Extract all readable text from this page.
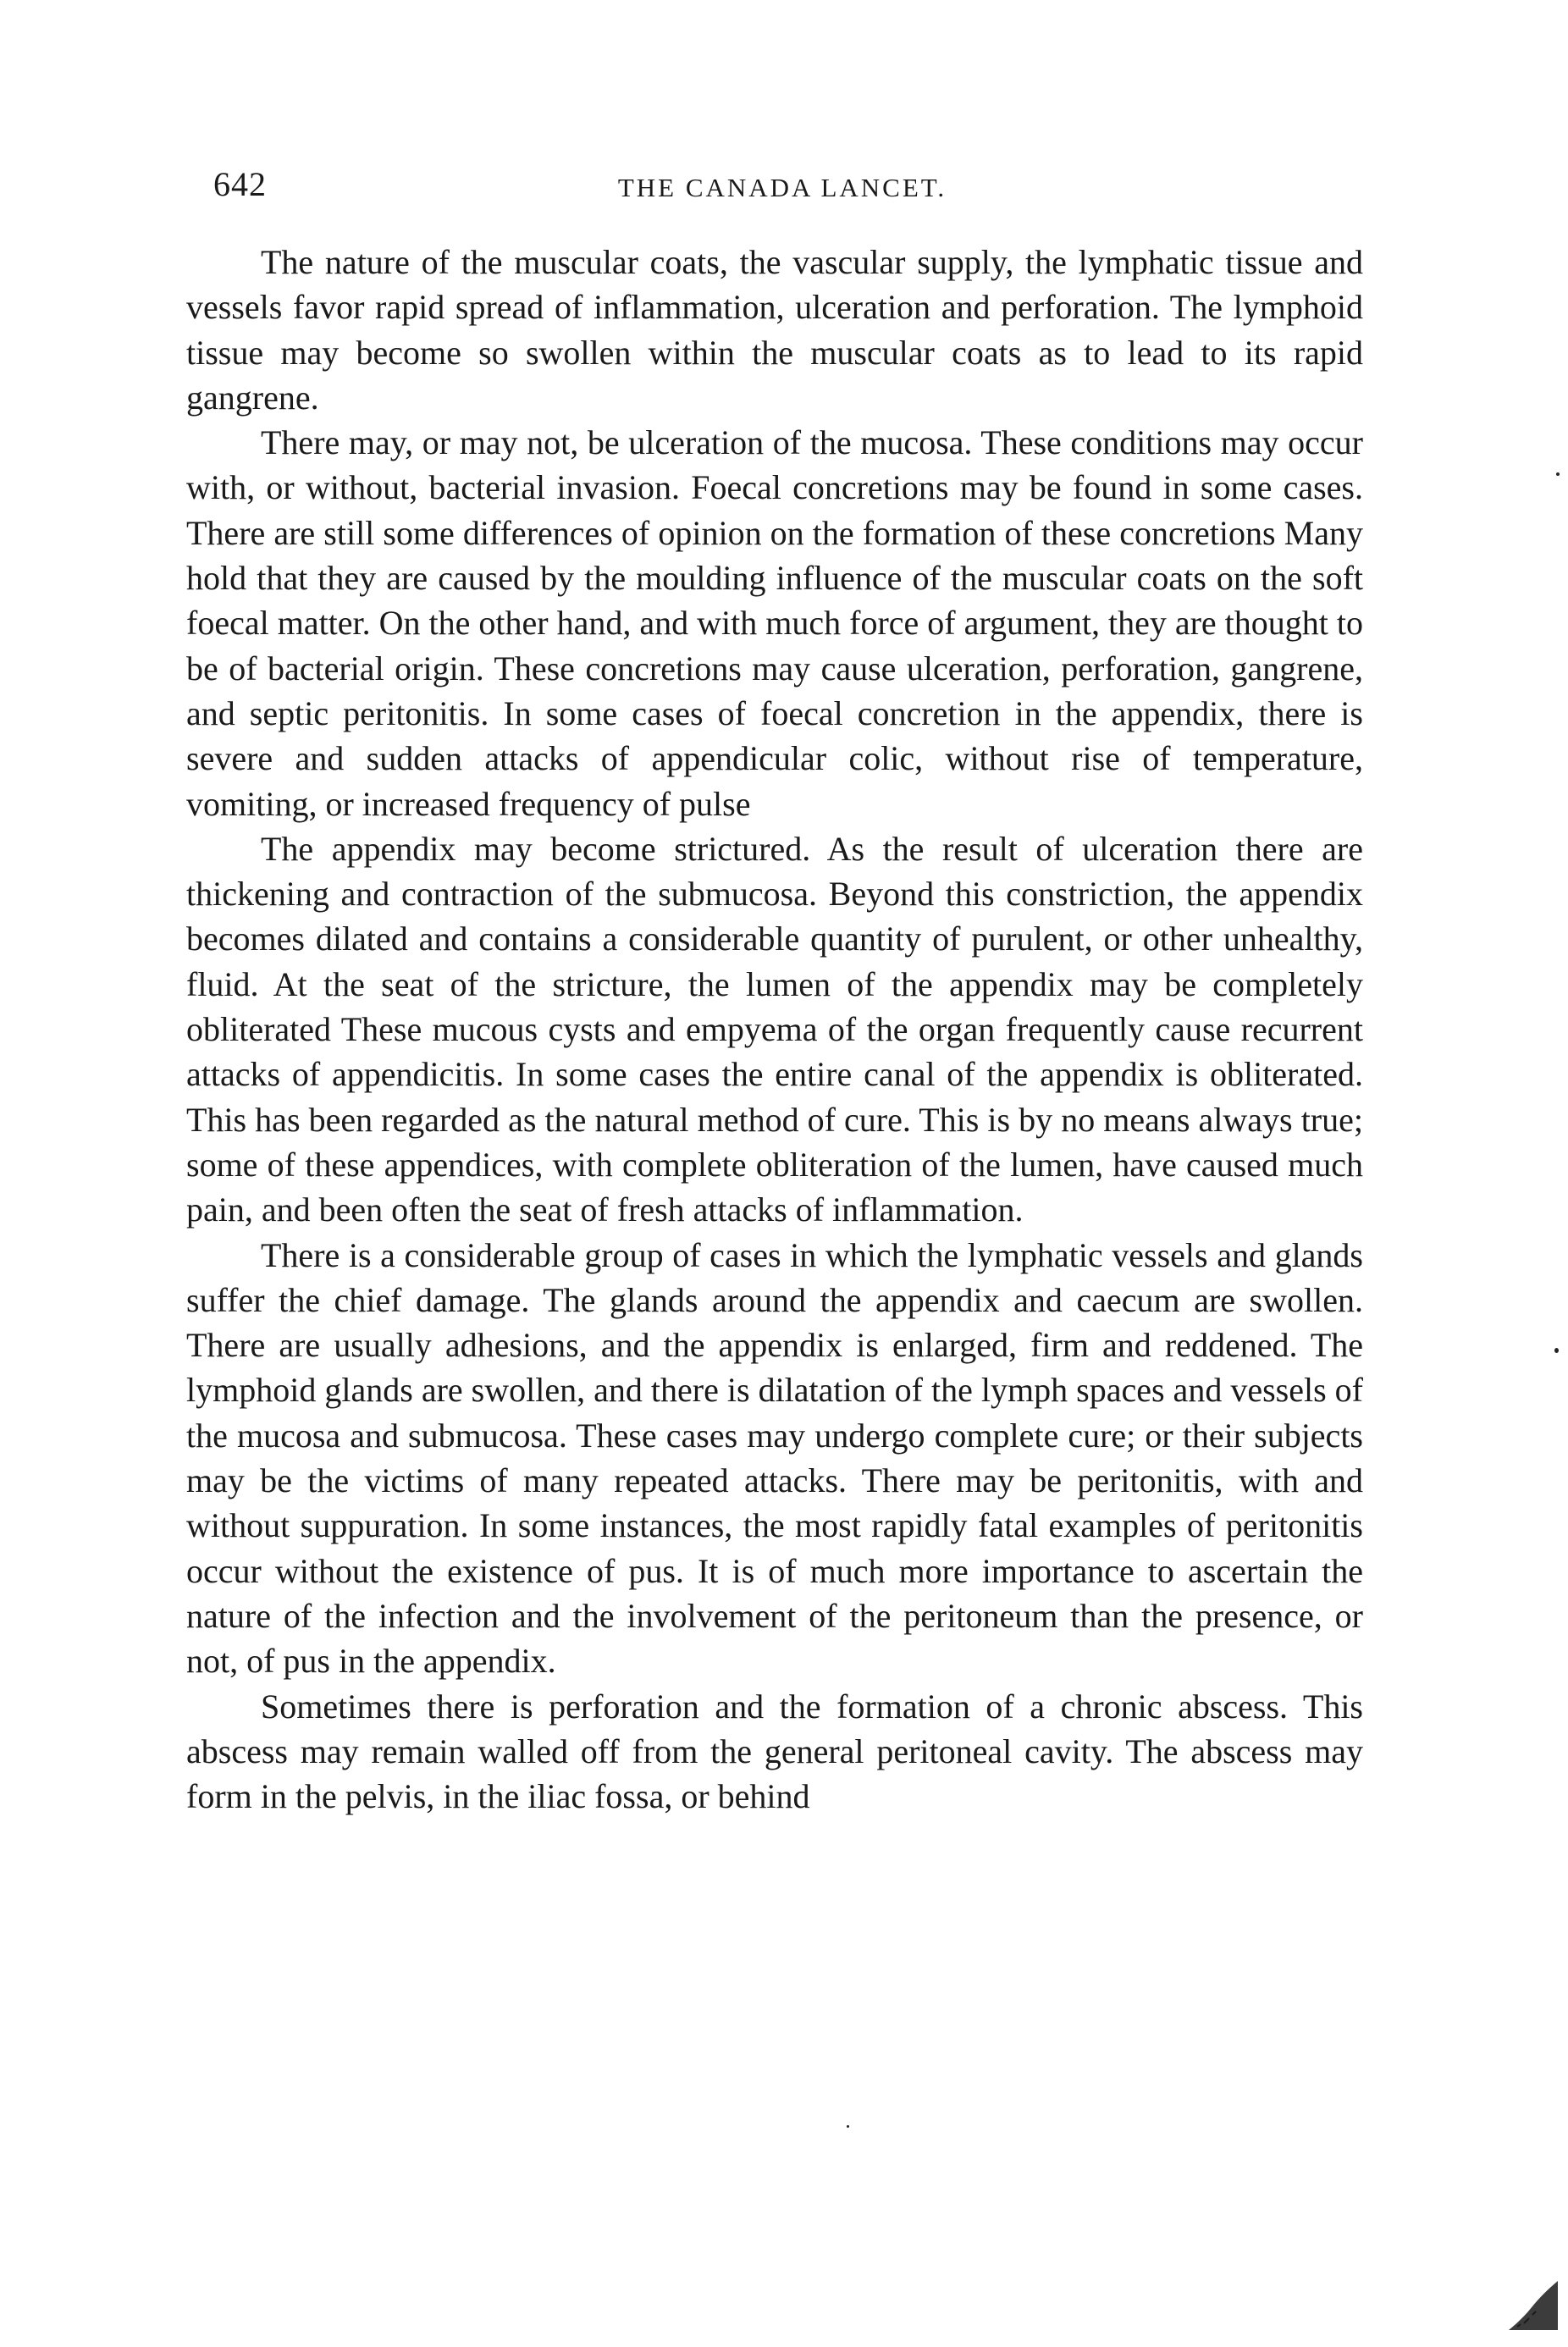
642	THE CANADA LANCET.

The nature of the muscular coats, the vascular supply, the lymphatic tissue and vessels favor rapid spread of inflammation, ulceration and perforation. The lymphoid tissue may become so swollen within the muscular coats as to lead to its rapid gangrene.

There may, or may not, be ulceration of the mucosa. These conditions may occur with, or without, bacterial invasion. Foecal concretions may be found in some cases. There are still some differences of opinion on the formation of these concretions Many hold that they are caused by the moulding influence of the muscular coats on the soft foecal matter. On the other hand, and with much force of argument, they are thought to be of bacterial origin. These concretions may cause ulceration, perforation, gangrene, and septic peritonitis. In some cases of foecal concretion in the appendix, there is severe and sudden attacks of appendicular colic, without rise of temperature, vomiting, or increased frequency of pulse

The appendix may become strictured. As the result of ulceration there are thickening and contraction of the submucosa. Beyond this constriction, the appendix becomes dilated and contains a considerable quantity of purulent, or other unhealthy, fluid. At the seat of the stricture, the lumen of the appendix may be completely obliterated These mucous cysts and empyema of the organ frequently cause recurrent attacks of appendicitis. In some cases the entire canal of the appendix is obliterated. This has been regarded as the natural method of cure. This is by no means always true; some of these appendices, with complete obliteration of the lumen, have caused much pain, and been often the seat of fresh attacks of inflammation.

There is a considerable group of cases in which the lymphatic vessels and glands suffer the chief damage. The glands around the appendix and caecum are swollen. There are usually adhesions, and the appendix is enlarged, firm and reddened. The lymphoid glands are swollen, and there is dilatation of the lymph spaces and vessels of the mucosa and submucosa. These cases may undergo complete cure; or their subjects may be the victims of many repeated attacks. There may be peritonitis, with and without suppuration. In some instances, the most rapidly fatal examples of peritonitis occur without the existence of pus. It is of much more importance to ascertain the nature of the infection and the involvement of the peritoneum than the presence, or not, of pus in the appendix.

Sometimes there is perforation and the formation of a chronic abscess. This abscess may remain walled off from the general peritoneal cavity. The abscess may form in the pelvis, in the iliac fossa, or behind
